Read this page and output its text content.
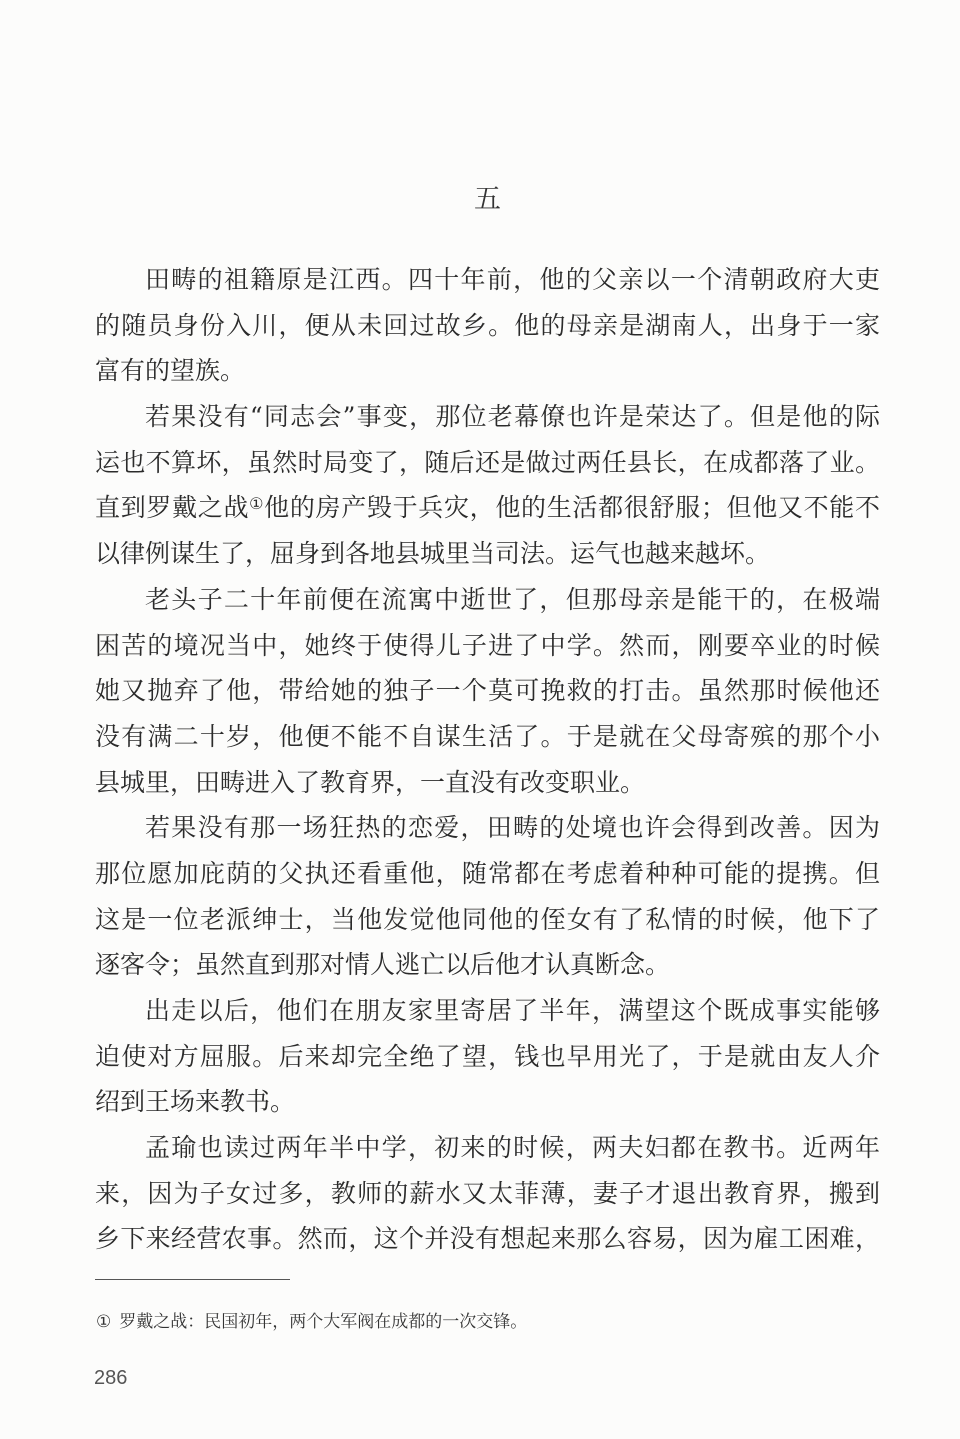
五
田畴的祖籍原是江西。四十年前，他的父亲以一个清朝政府大吏
的随员身份入川，便从未回过故乡。他的母亲是湖南人，出身于一家
富有的望族。
若果没有“同志会”事变，那位老幕僚也许是荣达了。但是他的际
运也不算坏，虽然时局变了，随后还是做过两任县长，在成都落了业。
直到罗戴之战①他的房产毁于兵灾，他的生活都很舒服；但他又不能不
以律例谋生了，屈身到各地县城里当司法。运气也越来越坏。
老头子二十年前便在流寓中逝世了，但那母亲是能干的，在极端
困苦的境况当中，她终于使得儿子进了中学。然而，刚要卒业的时候
她又抛弃了他，带给她的独子一个莫可挽救的打击。虽然那时候他还
没有满二十岁，他便不能不自谋生活了。于是就在父母寄殡的那个小
县城里，田畴进入了教育界，一直没有改变职业。
若果没有那一场狂热的恋爱，田畴的处境也许会得到改善。因为
那位愿加庇荫的父执还看重他，随常都在考虑着种种可能的提携。但
这是一位老派绅士，当他发觉他同他的侄女有了私情的时候，他下了
逐客令；虽然直到那对情人逃亡以后他才认真断念。
出走以后，他们在朋友家里寄居了半年，满望这个既成事实能够
迫使对方屈服。后来却完全绝了望，钱也早用光了，于是就由友人介
绍到王场来教书。
孟瑜也读过两年半中学，初来的时候，两夫妇都在教书。近两年
来，因为子女过多，教师的薪水又太菲薄，妻子才退出教育界，搬到
乡下来经营农事。然而，这个并没有想起来那么容易，因为雇工困难，
① 罗戴之战：民国初年，两个大军阀在成都的一次交锋。
286
